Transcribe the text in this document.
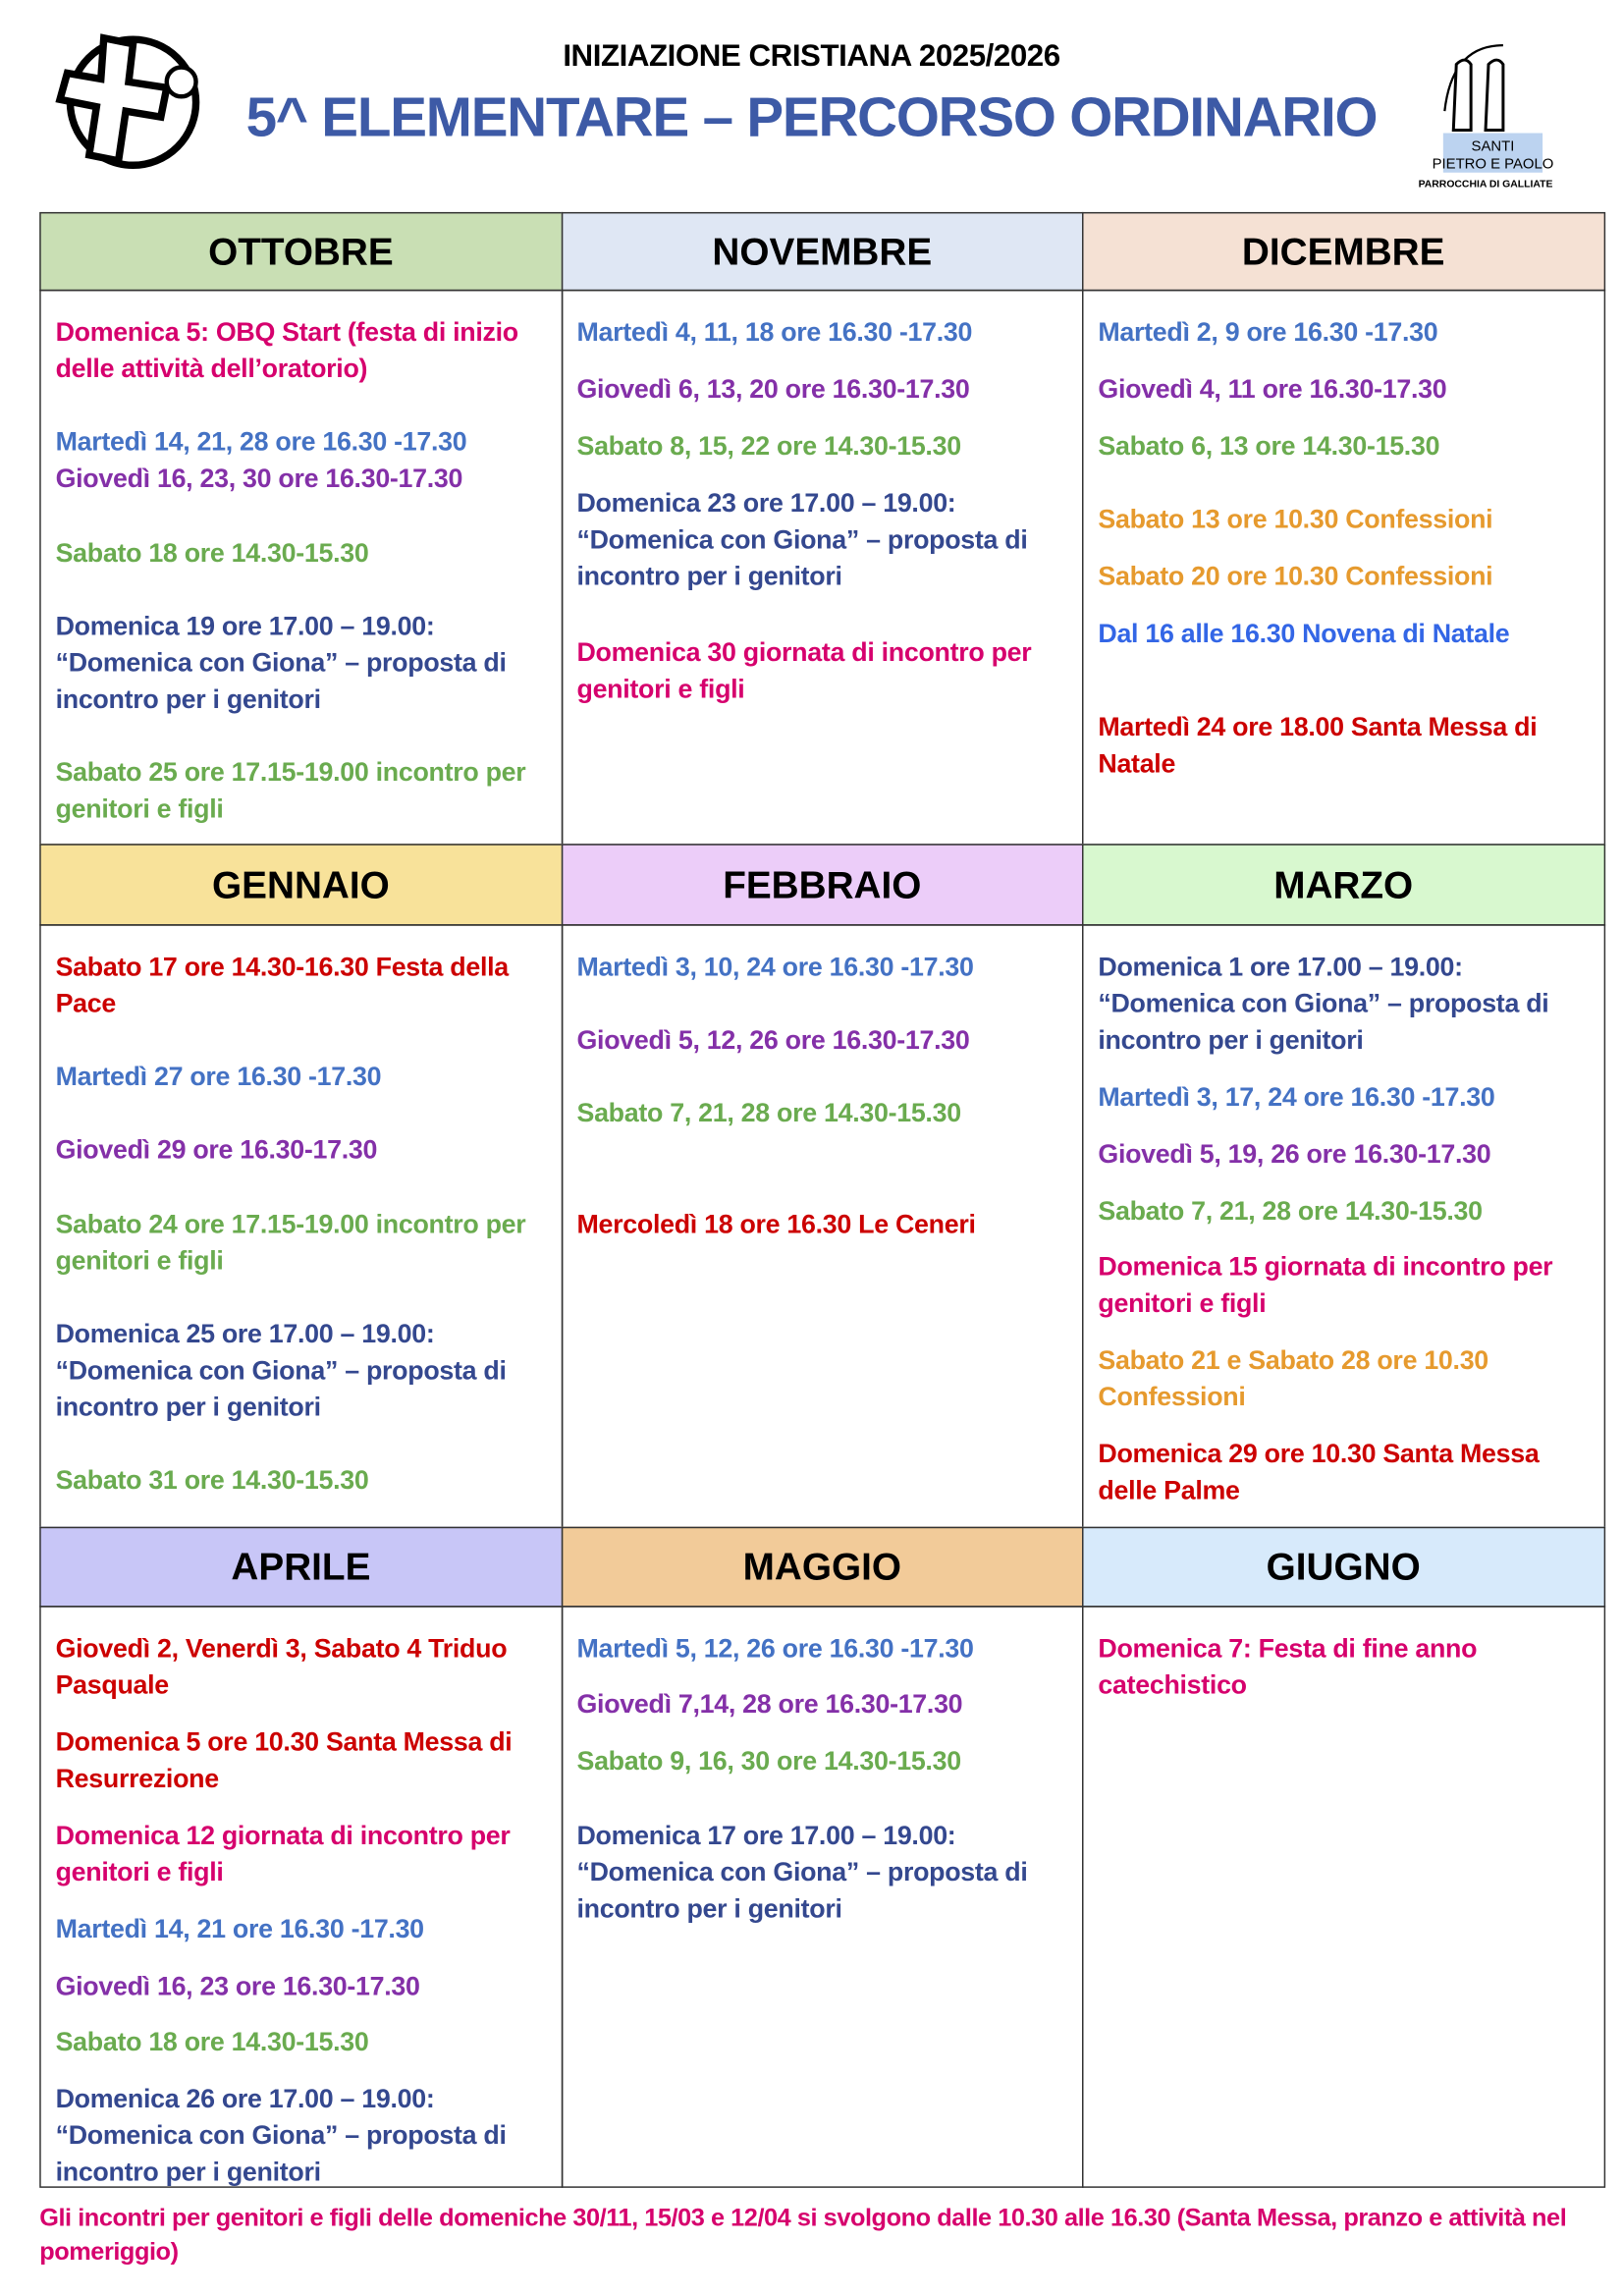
SANTI
PIETRO E PAOLO
PARROCCHIA DI GALLIATE
INIZIAZIONE CRISTIANA 2025/2026
5^ ELEMENTARE – PERCORSO ORDINARIO
OTTOBRE
Domenica 5: OBQ Start (festa di inizio delle attività dell’oratorio)
Martedì 14, 21, 28 ore 16.30 -17.30
Giovedì 16, 23, 30 ore 16.30-17.30
Sabato 18 ore 14.30-15.30
Domenica 19 ore 17.00 – 19.00: “Domenica con Giona” – proposta di incontro per i genitori
Sabato 25 ore 17.15-19.00 incontro per genitori e figli
NOVEMBRE
Martedì 4, 11, 18 ore 16.30 -17.30
Giovedì 6, 13, 20 ore 16.30-17.30
Sabato 8, 15, 22 ore 14.30-15.30
Domenica 23 ore 17.00 – 19.00: “Domenica con Giona” – proposta di incontro per i genitori
Domenica 30 giornata di incontro per genitori e figli
DICEMBRE
Martedì 2, 9 ore 16.30 -17.30
Giovedì 4, 11 ore 16.30-17.30
Sabato 6, 13 ore 14.30-15.30
Sabato 13 ore 10.30 Confessioni
Sabato 20 ore 10.30 Confessioni
Dal 16 alle 16.30 Novena di Natale
Martedì 24 ore 18.00 Santa Messa di Natale
GENNAIO
Sabato 17 ore 14.30-16.30 Festa della Pace
Martedì 27 ore 16.30 -17.30
Giovedì 29 ore 16.30-17.30
Sabato 24 ore 17.15-19.00 incontro per genitori e figli
Domenica 25 ore 17.00 – 19.00: “Domenica con Giona” – proposta di incontro per i genitori
Sabato 31 ore 14.30-15.30
FEBBRAIO
Martedì 3, 10, 24 ore 16.30 -17.30
Giovedì 5, 12, 26 ore 16.30-17.30
Sabato 7, 21, 28 ore 14.30-15.30
Mercoledì 18 ore 16.30 Le Ceneri
MARZO
Domenica 1 ore 17.00 – 19.00: “Domenica con Giona” – proposta di incontro per i genitori
Martedì 3, 17, 24 ore 16.30 -17.30
Giovedì 5, 19, 26 ore 16.30-17.30
Sabato 7, 21, 28 ore 14.30-15.30
Domenica 15 giornata di incontro per genitori e figli
Sabato 21 e Sabato 28 ore 10.30 Confessioni
Domenica 29 ore 10.30 Santa Messa delle Palme
APRILE
Giovedì 2, Venerdì 3, Sabato 4 Triduo Pasquale
Domenica 5 ore 10.30 Santa Messa di Resurrezione
Domenica 12 giornata di incontro per genitori e figli
Martedì 14, 21 ore 16.30 -17.30
Giovedì 16, 23 ore 16.30-17.30
Sabato 18 ore 14.30-15.30
Domenica 26 ore 17.00 – 19.00: “Domenica con Giona” – proposta di incontro per i genitori
MAGGIO
Martedì 5, 12, 26 ore 16.30 -17.30
Giovedì 7,14, 28 ore 16.30-17.30
Sabato 9, 16, 30 ore 14.30-15.30
Domenica 17 ore 17.00 – 19.00: “Domenica con Giona” – proposta di incontro per i genitori
GIUGNO
Domenica 7: Festa di fine anno catechistico
Gli incontri per genitori e figli delle domeniche 30/11, 15/03 e 12/04 si svolgono dalle 10.30 alle 16.30 (Santa Messa, pranzo e attività nel pomeriggio)
